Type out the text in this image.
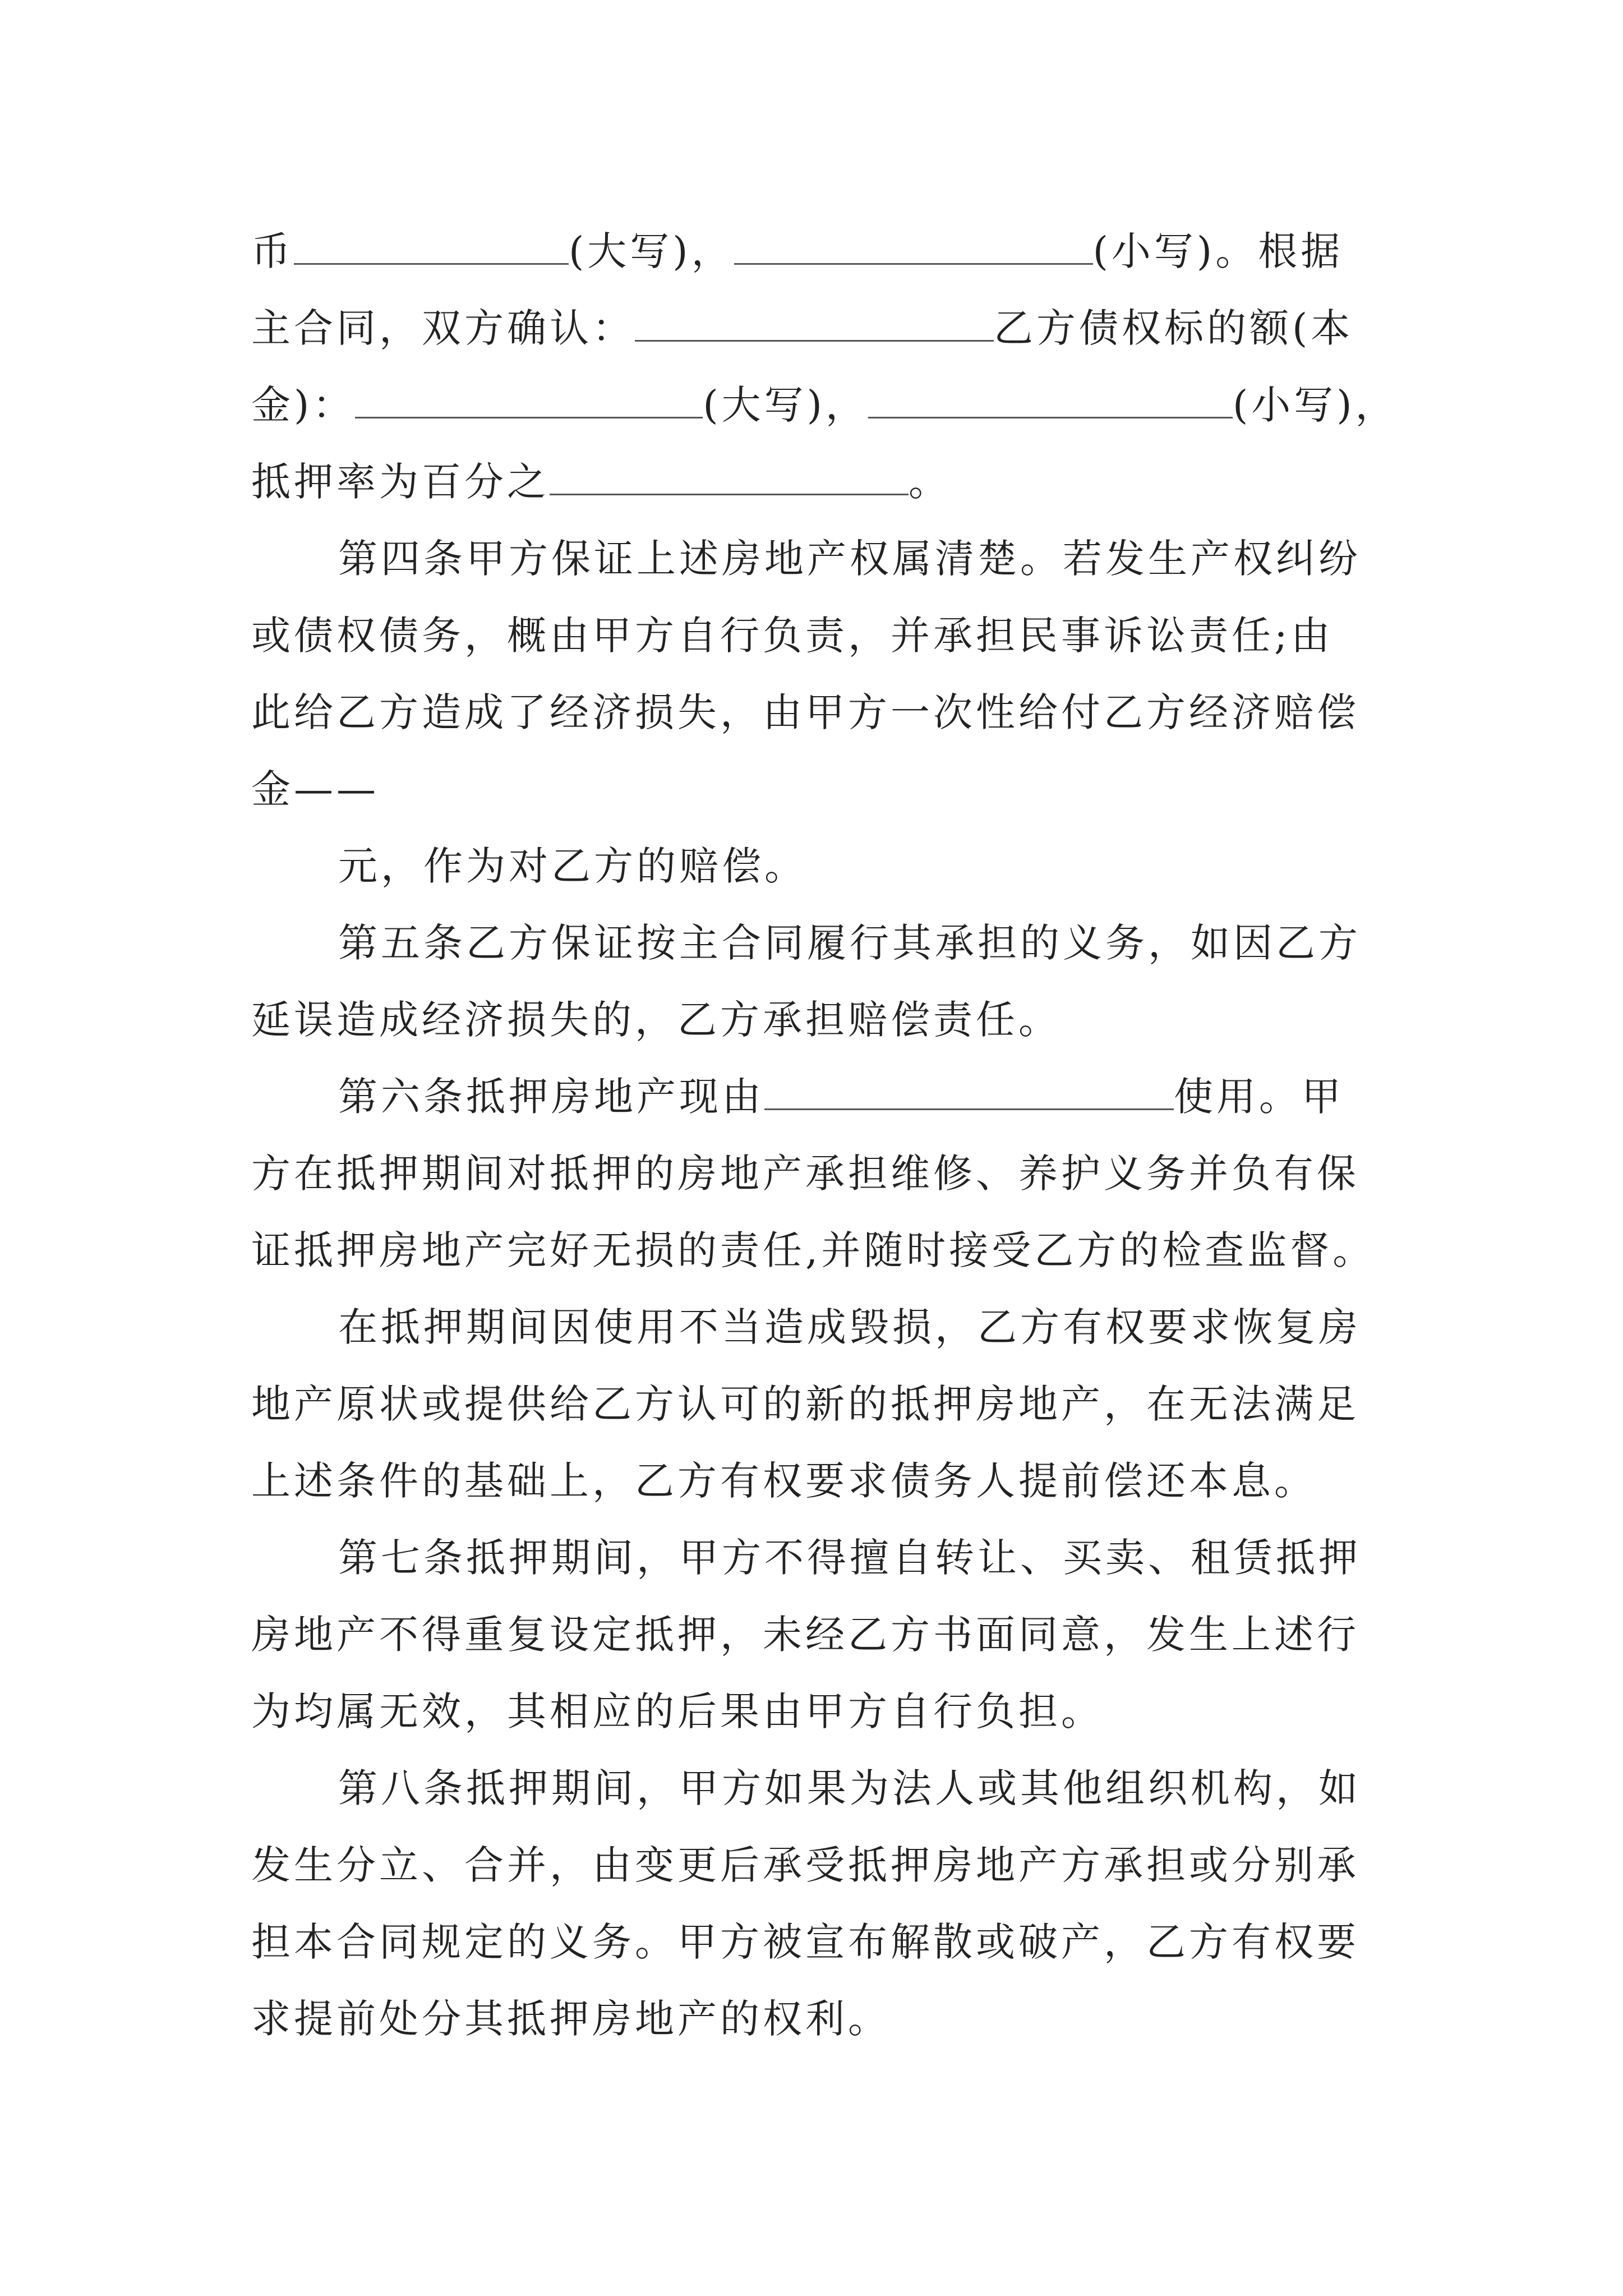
币	(大写)，	(小写)。根据
主合同，双方确认：	乙方债权标的额(本
金)：	(大写)，	(小写)，
抵押率为百分之	。
第四条甲方保证上述房地产权属清楚。若发生产权纠纷
或债权债务，概由甲方自行负责，并承担民事诉讼责任;由
此给乙方造成了经济损失，由甲方一次性给付乙方经济赔偿
金——
元，作为对乙方的赔偿。
第五条乙方保证按主合同履行其承担的义务，如因乙方
延误造成经济损失的，乙方承担赔偿责任。
第六条抵押房地产现由	使用。甲
方在抵押期间对抵押的房地产承担维修、养护义务并负有保
证抵押房地产完好无损的责任,并随时接受乙方的检查监督。
在抵押期间因使用不当造成毁损，乙方有权要求恢复房
地产原状或提供给乙方认可的新的抵押房地产，在无法满足
上述条件的基础上，乙方有权要求债务人提前偿还本息。
第七条抵押期间，甲方不得擅自转让、买卖、租赁抵押
房地产不得重复设定抵押，未经乙方书面同意，发生上述行
为均属无效，其相应的后果由甲方自行负担。
第八条抵押期间，甲方如果为法人或其他组织机构，如
发生分立、合并，由变更后承受抵押房地产方承担或分别承
担本合同规定的义务。甲方被宣布解散或破产，乙方有权要
求提前处分其抵押房地产的权利。
